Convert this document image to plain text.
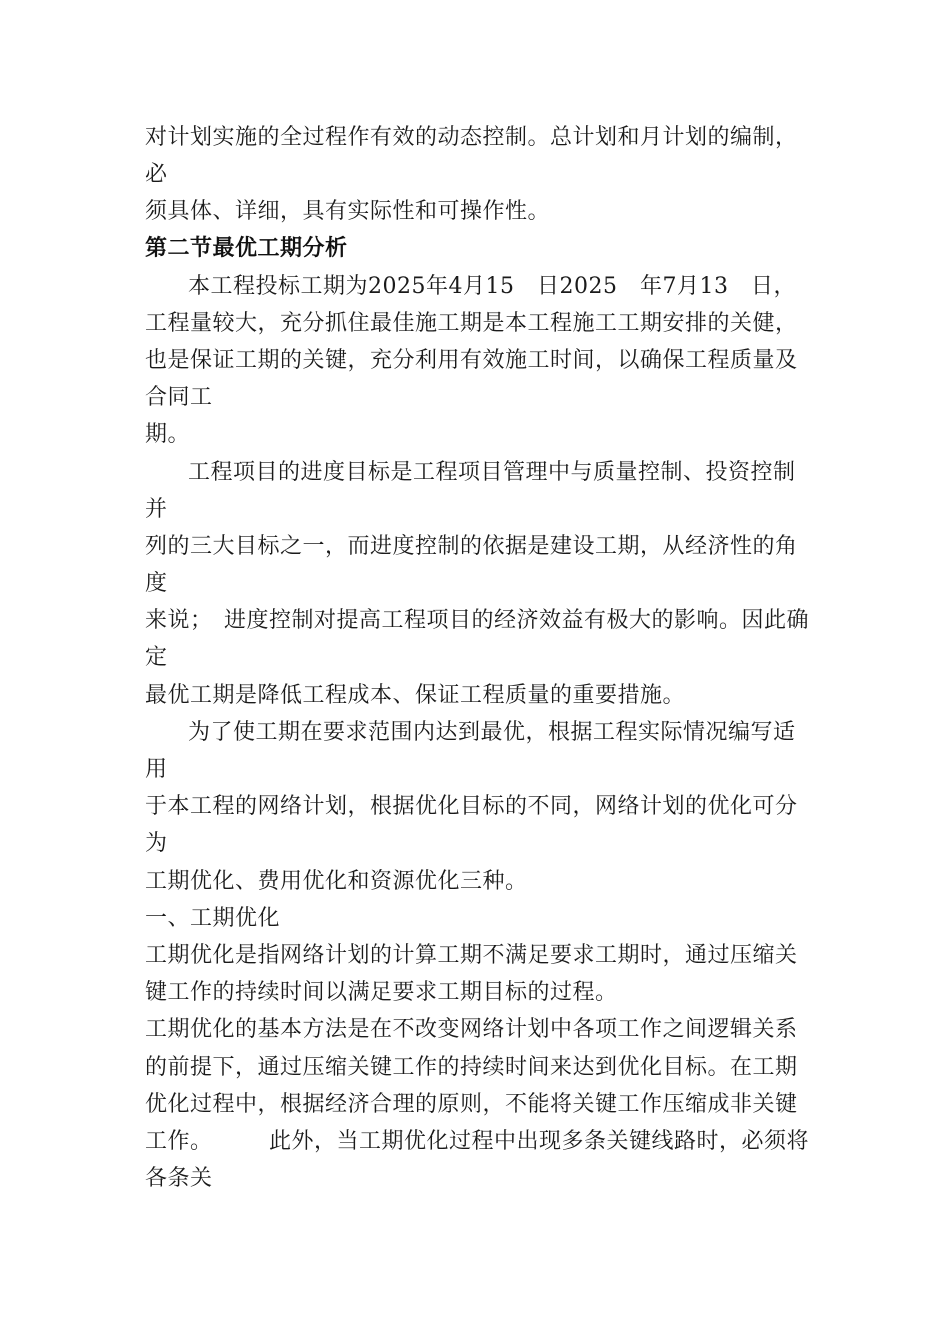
对计划实施的全过程作有效的动态控制。总计划和月计划的编制，
必
须具体、详细，具有实际性和可操作性。
第二节最优工期分析
本工程投标工期为2025年4月15　日2025　年7月13　日，
工程量较大，充分抓住最佳施工期是本工程施工工期安排的关健，
也是保证工期的关键，充分利用有效施工时间，以确保工程质量及
合同工
期。
工程项目的进度目标是工程项目管理中与质量控制、投资控制
并
列的三大目标之一，而进度控制的依据是建设工期，从经济性的角
度
来说；　进度控制对提高工程项目的经济效益有极大的影响。因此确
定
最优工期是降低工程成本、保证工程质量的重要措施。
为了使工期在要求范围内达到最优，根据工程实际情况编写适
用
于本工程的网络计划，根据优化目标的不同，网络计划的优化可分
为
工期优化、费用优化和资源优化三种。
一、工期优化
工期优化是指网络计划的计算工期不满足要求工期时，通过压缩关
键工作的持续时间以满足要求工期目标的过程。
工期优化的基本方法是在不改变网络计划中各项工作之间逻辑关系
的前提下，通过压缩关键工作的持续时间来达到优化目标。在工期
优化过程中，根据经济合理的原则，不能将关键工作压缩成非关键
工作。　　　此外，当工期优化过程中出现多条关键线路时，必须将
各条关
